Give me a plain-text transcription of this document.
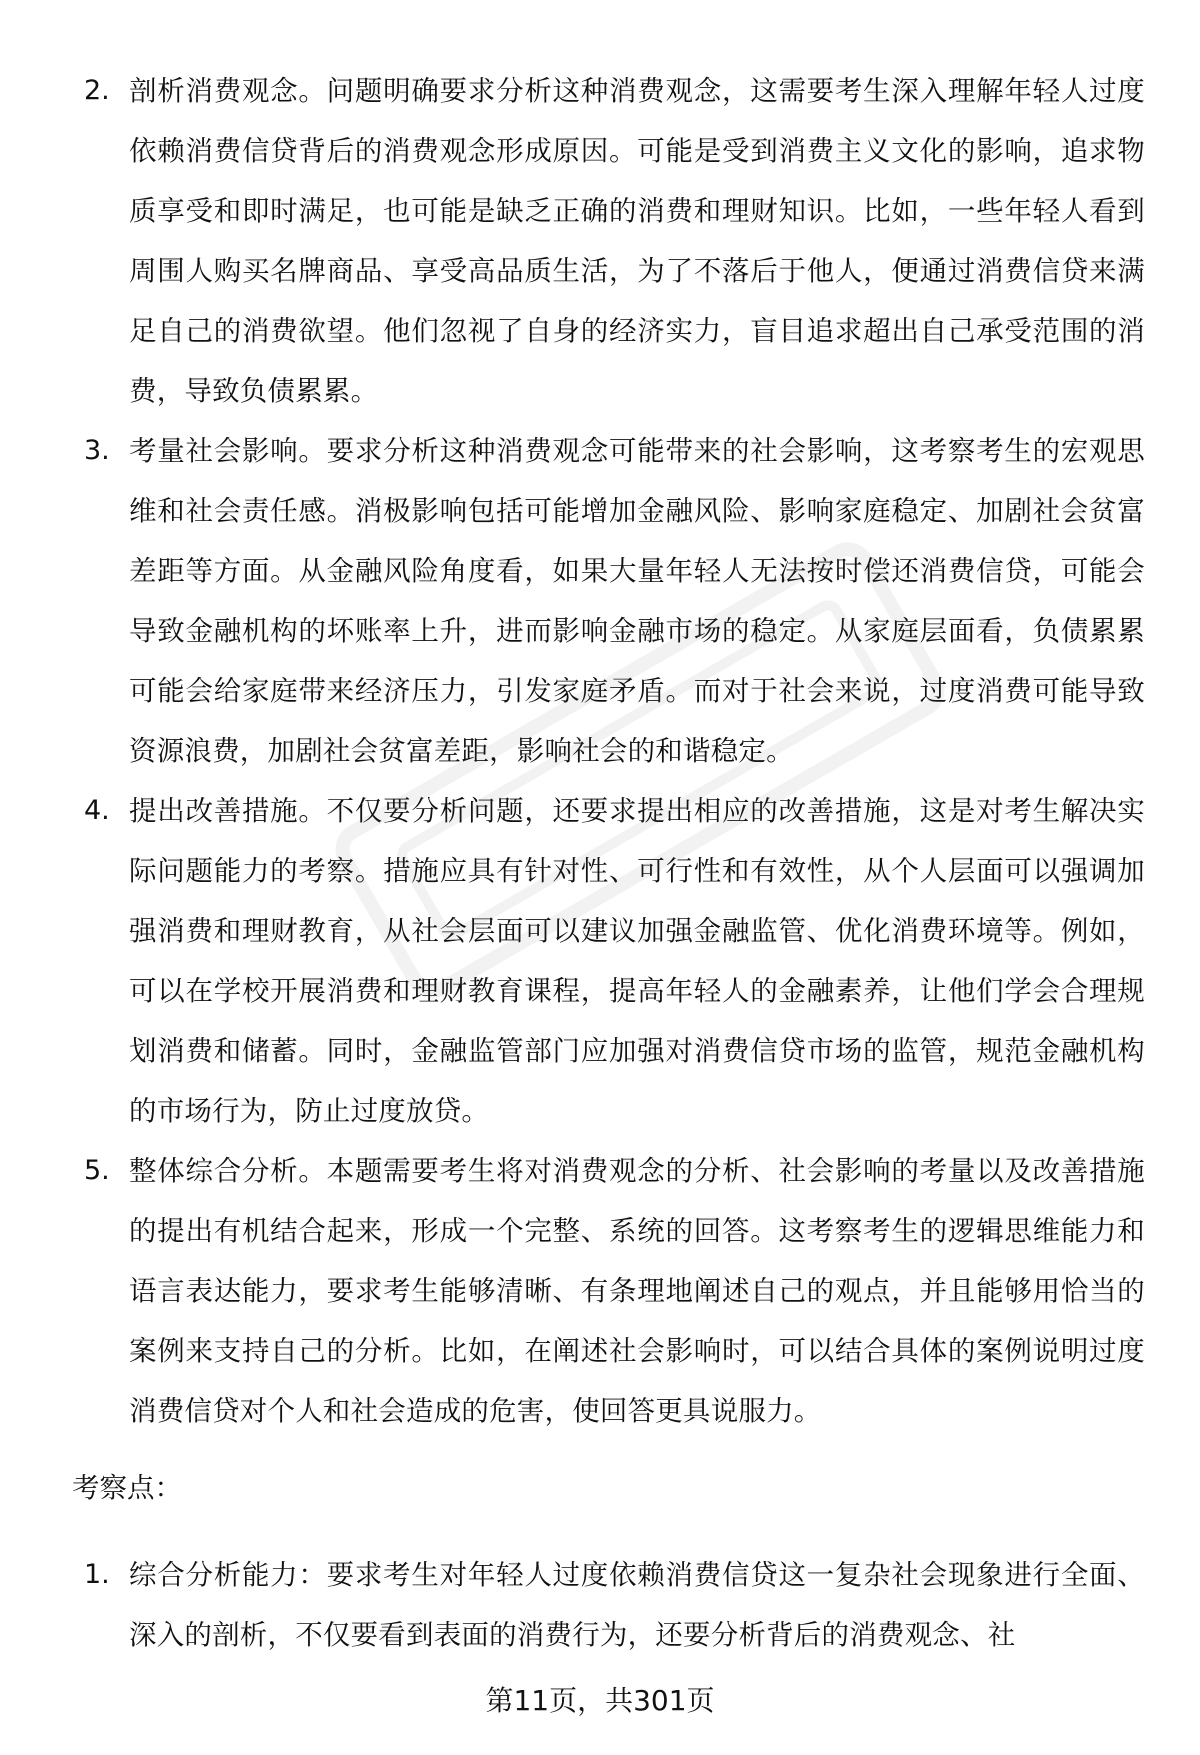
2. 剖析消费观念。问题明确要求分析这种消费观念，这需要考生深入理解年轻人过度依赖消费信贷背后的消费观念形成原因。可能是受到消费主义文化的影响，追求物质享受和即时满足，也可能是缺乏正确的消费和理财知识。比如，一些年轻人看到周围人购买名牌商品、享受高品质生活，为了不落后于他人，便通过消费信贷来满足自己的消费欲望。他们忽视了自身的经济实力，盲目追求超出自己承受范围的消费，导致负债累累。
3. 考量社会影响。要求分析这种消费观念可能带来的社会影响，这考察考生的宏观思维和社会责任感。消极影响包括可能增加金融风险、影响家庭稳定、加剧社会贫富差距等方面。从金融风险角度看，如果大量年轻人无法按时偿还消费信贷，可能会导致金融机构的坏账率上升，进而影响金融市场的稳定。从家庭层面看，负债累累可能会给家庭带来经济压力，引发家庭矛盾。而对于社会来说，过度消费可能导致资源浪费，加剧社会贫富差距，影响社会的和谐稳定。
4. 提出改善措施。不仅要分析问题，还要求提出相应的改善措施，这是对考生解决实际问题能力的考察。措施应具有针对性、可行性和有效性，从个人层面可以强调加强消费和理财教育，从社会层面可以建议加强金融监管、优化消费环境等。例如，可以在学校开展消费和理财教育课程，提高年轻人的金融素养，让他们学会合理规划消费和储蓄。同时，金融监管部门应加强对消费信贷市场的监管，规范金融机构的市场行为，防止过度放贷。
5. 整体综合分析。本题需要考生将对消费观念的分析、社会影响的考量以及改善措施的提出有机结合起来，形成一个完整、系统的回答。这考察考生的逻辑思维能力和语言表达能力，要求考生能够清晰、有条理地阐述自己的观点，并且能够用恰当的案例来支持自己的分析。比如，在阐述社会影响时，可以结合具体的案例说明过度消费信贷对个人和社会造成的危害，使回答更具说服力。

考察点：

1. 综合分析能力：要求考生对年轻人过度依赖消费信贷这一复杂社会现象进行全面、深入的剖析，不仅要看到表面的消费行为，还要分析背后的消费观念、社
第11页，共301页
